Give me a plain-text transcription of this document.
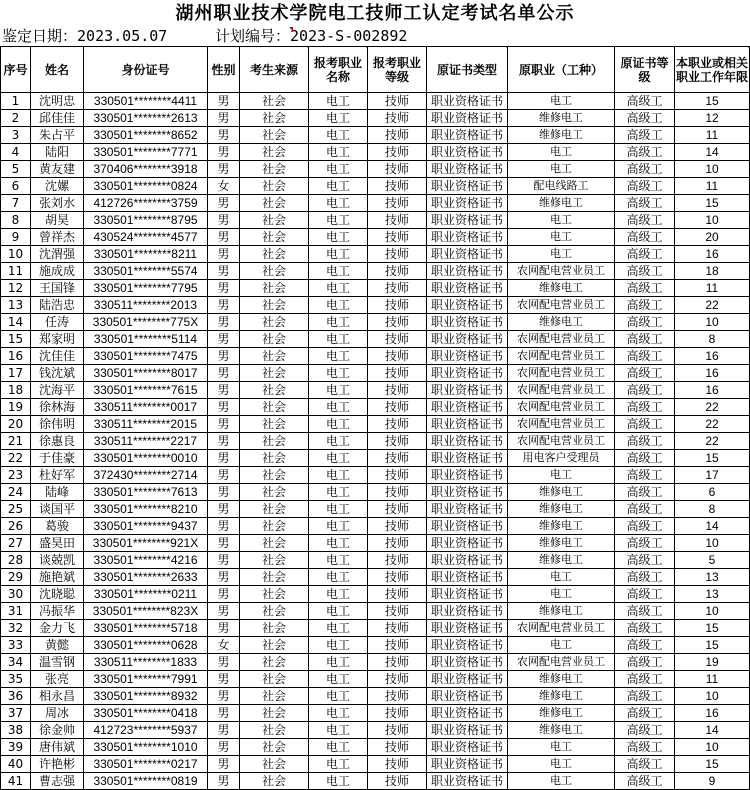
湖州职业技术学院电工技师工认定考试名单公示
鉴定日期：2023.05.07	计划编号：2023-S-002892
序号	姓名	身份证号	性别	考生来源	报考职业名称	报考职业等级	原证书类型	原职业（工种）	原证书等级	本职业或相关职业工作年限
1	沈明忠	330501********4411	男	社会	电工	技师	职业资格证书	电工	高级工	15
2	邱佳佳	330501********2613	男	社会	电工	技师	职业资格证书	维修电工	高级工	12
3	朱占平	330501********8652	男	社会	电工	技师	职业资格证书	维修电工	高级工	11
4	陆阳	330501********7771	男	社会	电工	技师	职业资格证书	电工	高级工	14
5	黄友建	370406********3918	男	社会	电工	技师	职业资格证书	电工	高级工	10
6	沈嫘	330501********0824	女	社会	电工	技师	职业资格证书	配电线路工	高级工	11
7	张刘水	412726********3759	男	社会	电工	技师	职业资格证书	维修电工	高级工	15
8	胡昊	330501********8795	男	社会	电工	技师	职业资格证书	电工	高级工	10
9	曾祥杰	430524********4577	男	社会	电工	技师	职业资格证书	电工	高级工	20
10	沈渭强	330501********8211	男	社会	电工	技师	职业资格证书	电工	高级工	16
11	施成成	330501********5574	男	社会	电工	技师	职业资格证书	农网配电营业员工	高级工	18
12	王国锋	330501********7795	男	社会	电工	技师	职业资格证书	维修电工	高级工	11
13	陆浩忠	330511********2013	男	社会	电工	技师	职业资格证书	农网配电营业员工	高级工	22
14	任涛	330501********775X	男	社会	电工	技师	职业资格证书	维修电工	高级工	10
15	郑家明	330501********5114	男	社会	电工	技师	职业资格证书	农网配电营业员工	高级工	8
16	沈佳佳	330501********7475	男	社会	电工	技师	职业资格证书	农网配电营业员工	高级工	16
17	钱沈斌	330501********8017	男	社会	电工	技师	职业资格证书	农网配电营业员工	高级工	16
18	沈海平	330501********7615	男	社会	电工	技师	职业资格证书	农网配电营业员工	高级工	16
19	徐林海	330511********0017	男	社会	电工	技师	职业资格证书	农网配电营业员工	高级工	22
20	徐伟明	330511********2015	男	社会	电工	技师	职业资格证书	农网配电营业员工	高级工	22
21	徐惠良	330511********2217	男	社会	电工	技师	职业资格证书	农网配电营业员工	高级工	22
22	于佳豪	330501********0010	男	社会	电工	技师	职业资格证书	用电客户受理员	高级工	15
23	杜好军	372430********2714	男	社会	电工	技师	职业资格证书	电工	高级工	17
24	陆峰	330501********7613	男	社会	电工	技师	职业资格证书	维修电工	高级工	6
25	谈国平	330501********8210	男	社会	电工	技师	职业资格证书	维修电工	高级工	8
26	葛骏	330501********9437	男	社会	电工	技师	职业资格证书	维修电工	高级工	14
27	盛昊田	330501********921X	男	社会	电工	技师	职业资格证书	维修电工	高级工	10
28	谈兢凯	330501********4216	男	社会	电工	技师	职业资格证书	维修电工	高级工	5
29	施艳斌	330501********2633	男	社会	电工	技师	职业资格证书	电工	高级工	13
30	沈晓聪	330501********0211	男	社会	电工	技师	职业资格证书	电工	高级工	13
31	冯振华	330501********823X	男	社会	电工	技师	职业资格证书	维修电工	高级工	10
32	金力飞	330501********5718	男	社会	电工	技师	职业资格证书	农网配电营业员工	高级工	15
33	黄懿	330501********0628	女	社会	电工	技师	职业资格证书	电工	高级工	15
34	温雪钢	330511********1833	男	社会	电工	技师	职业资格证书	农网配电营业员工	高级工	19
35	张亮	330501********7991	男	社会	电工	技师	职业资格证书	维修电工	高级工	11
36	相永昌	330501********8932	男	社会	电工	技师	职业资格证书	维修电工	高级工	10
37	周冰	330501********0418	男	社会	电工	技师	职业资格证书	维修电工	高级工	16
38	徐金帅	412723********5937	男	社会	电工	技师	职业资格证书	维修电工	高级工	14
39	唐伟斌	330501********1010	男	社会	电工	技师	职业资格证书	电工	高级工	10
40	许艳彬	330501********0217	男	社会	电工	技师	职业资格证书	电工	高级工	15
41	曹志强	330501********0819	男	社会	电工	技师	职业资格证书	电工	高级工	9
